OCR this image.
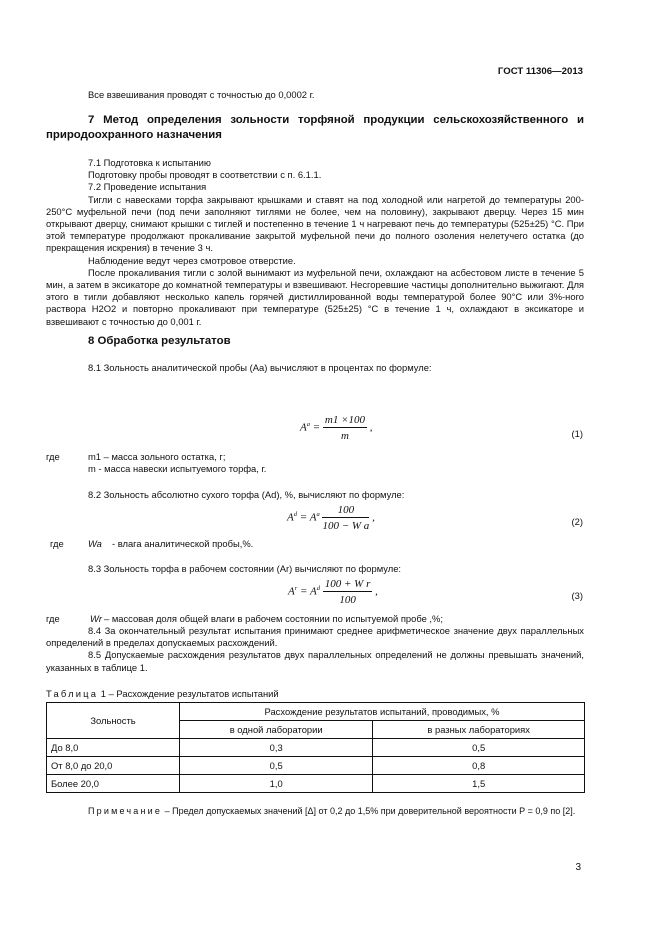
ГОСТ 11306—2013

Все взвешивания проводят с точностью до 0,0002 г.

7 Метод определения зольности торфяной продукции сельскохозяйственного и природоохранного назначения

7.1 Подготовка к испытанию

Подготовку пробы проводят в соответствии с п. 6.1.1.

7.2 Проведение испытания

Тигли с навесками торфа закрывают крышками и ставят на под холодной или нагретой до температуры 200-250°С муфельной печи (под печи заполняют тиглями не более, чем на половину), закрывают дверцу. Через 15 мин открывают дверцу, снимают крышки с тиглей и постепенно в течение 1 ч нагревают печь до температуры (525±25) °С. При этой температуре продолжают прокаливание закрытой муфельной печи до полного озоления нелетучего остатка (до прекращения искрения) в течение 3 ч.

Наблюдение ведут через смотровое отверстие.

После прокаливания тигли с золой вынимают из муфельной печи, охлаждают на асбестовом листе в течение 5 мин, а затем в эксикаторе до комнатной температуры и взвешивают. Несгоревшие частицы дополнительно выжигают. Для этого в тигли добавляют несколько капель горячей дистиллированной воды температурой более 90°С или 3%-ного раствора H2O2 и повторно прокаливают при температуре (525±25) °С в течение 1 ч, охлаждают в эксикаторе и взвешивают с точностью до 0,001 г.

8 Обработка результатов

8.1 Зольность аналитической пробы (Aa) вычисляют в процентах по формуле:

$A^a = \frac{m1 \times 100}{m}$ ,	(1)
где	m1 – масса зольного остатка, г;

m - масса навески испытуемого торфа, г.

8.2 Зольность абсолютно сухого торфа (Ad), %, вычисляют по формуле:

$A^d = A^a \frac{100}{\text{100 − W a}}$ ,	(2)
где	Wa - влага аналитической пробы,%.

8.3 Зольность торфа в рабочем состоянии (Ar) вычисляют по формуле:

$A^r = A^d \frac{\text{100 + W r}}{100}$ ,	(3)
где	Wr – массовая доля общей влаги в рабочем состоянии по испытуемой пробе ,%;

8.4 За окончательный результат испытания принимают среднее арифметическое значение двух параллельных определений в пределах допускаемых расхождений.

8.5 Допускаемые расхождения результатов двух параллельных определений не должны превышать значений, указанных в таблице 1.

Таблица 1 – Расхождение результатов испытаний
Зольность	Расхождение результатов испытаний, проводимых, %	
	в одной лаборатории	в разных лабораториях
До 8,0	0,3	0,5
От 8,0 до 20,0	0,5	0,8
Более 20,0	1,0	1,5

Примечание – Предел допускаемых значений [Δ] от 0,2 до 1,5% при доверительной вероятности Р = 0,9 по [2].

3
